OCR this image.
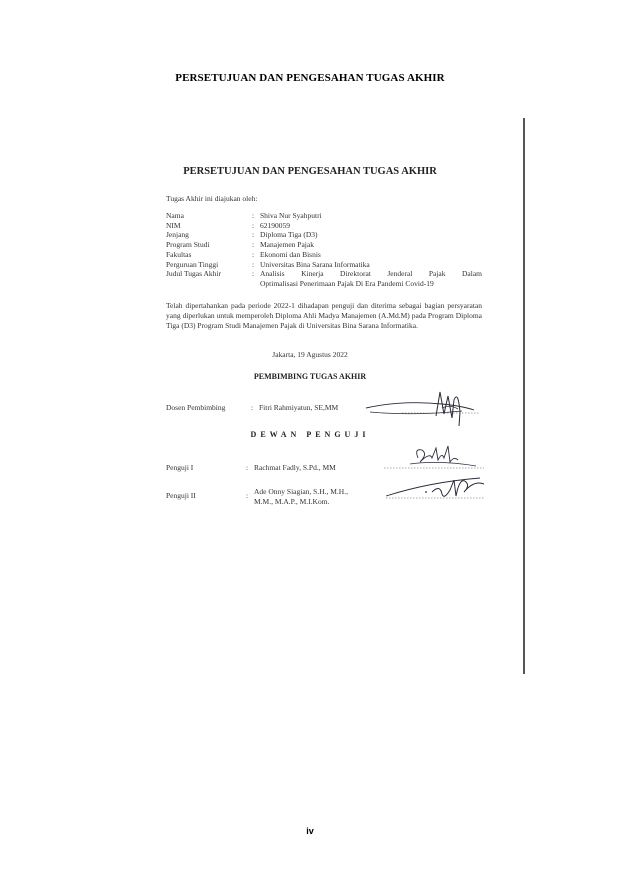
PERSETUJUAN DAN PENGESAHAN TUGAS AKHIR
PERSETUJUAN DAN PENGESAHAN TUGAS AKHIR
Tugas Akhir ini diajukan oleh:
Nama	: Shiva Nur Syahputri
NIM	: 62190059
Jenjang	: Diploma Tiga (D3)
Program Studi	: Manajemen Pajak
Fakultas	: Ekonomi dan Bisnis
Perguruan Tinggi	: Universitas Bina Sarana Informatika
Judul Tugas Akhir	: Analisis Kinerja Direktorat Jenderal Pajak Dalam
Optimalisasi Penerimaan Pajak Di Era Pandemi Covid-19
Telah dipertahankan pada periode 2022-1 dihadapan penguji dan diterima sebagai bagian persyaratan yang diperlukan untuk memperoleh Diploma Ahli Madya Manajemen (A.Md.M) pada Program Diploma Tiga (D3) Program Studi Manajemen Pajak di Universitas Bina Sarana Informatika.
Jakarta, 19 Agustus 2022
PEMBIMBING TUGAS AKHIR
Dosen Pembimbing	: Fitri Rahmiyatun, SE,MM
DEWAN PENGUJI
Penguji I	: Rachmat Fadly, S.Pd., MM
Penguji II	: Ade Onny Siagian, S.H., M.H.,
M.M., M.A.P., M.I.Kom.
iv
